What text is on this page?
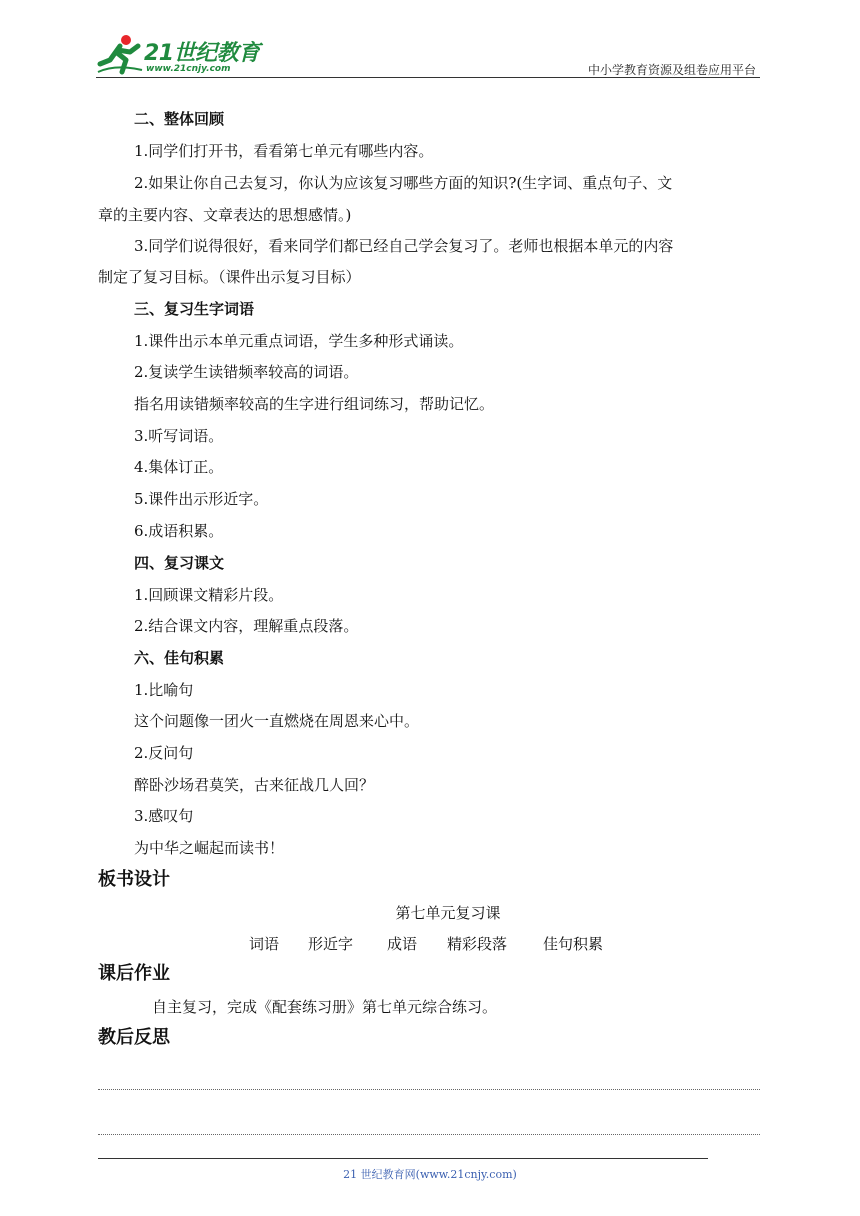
21世纪教育
www.21cnjy.com	中小学教育资源及组卷应用平台
二、整体回顾
1.同学们打开书，看看第七单元有哪些内容。
2.如果让你自己去复习，你认为应该复习哪些方面的知识?(生字词、重点句子、文
章的主要内容、文章表达的思想感情。)
3.同学们说得很好，看来同学们都已经自己学会复习了。老师也根据本单元的内容
制定了复习目标。（课件出示复习目标）
三、复习生字词语
1.课件出示本单元重点词语，学生多种形式诵读。
2.复读学生读错频率较高的词语。
指名用读错频率较高的生字进行组词练习，帮助记忆。
3.听写词语。
4.集体订正。
5.课件出示形近字。
6.成语积累。
四、复习课文
1.回顾课文精彩片段。
2.结合课文内容，理解重点段落。
六、佳句积累
1.比喻句
这个问题像一团火一直燃烧在周恩来心中。
2.反问句
醉卧沙场君莫笑，古来征战几人回？
3.感叹句
为中华之崛起而读书！
板书设计
第七单元复习课
词语 形近字 成语 精彩段落 佳句积累
课后作业
自主复习，完成《配套练习册》第七单元综合练习。
教后反思
21 世纪教育网(www.21cnjy.com)
